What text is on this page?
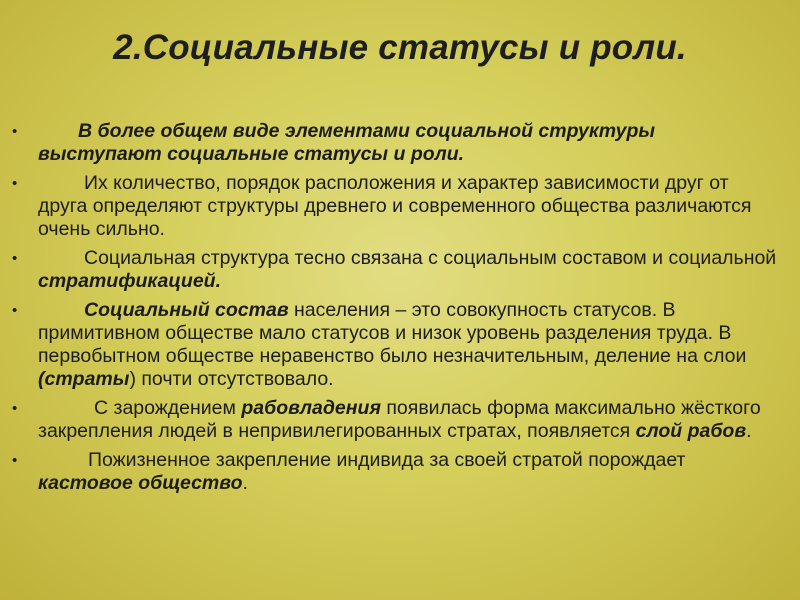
2.Социальные статусы и роли.
•	В более общем виде элементами социальной структуры выступают социальные статусы и роли.
•	Их количество, порядок расположения и характер зависимости друг от друга определяют структуры древнего и современного общества различаются очень сильно.
•	Социальная структура тесно связана с социальным составом и социальной стратификацией.
•	Социальный состав населения – это совокупность статусов. В примитивном обществе мало статусов и низок уровень разделения труда. В первобытном обществе неравенство было незначительным, деление на слои (страты) почти отсутствовало.
•	С зарождением рабовладения появилась форма максимально жёсткого закрепления людей в непривилегированных стратах, появляется слой рабов.
•	Пожизненное закрепление индивида за своей стратой порождает кастовое общество.
